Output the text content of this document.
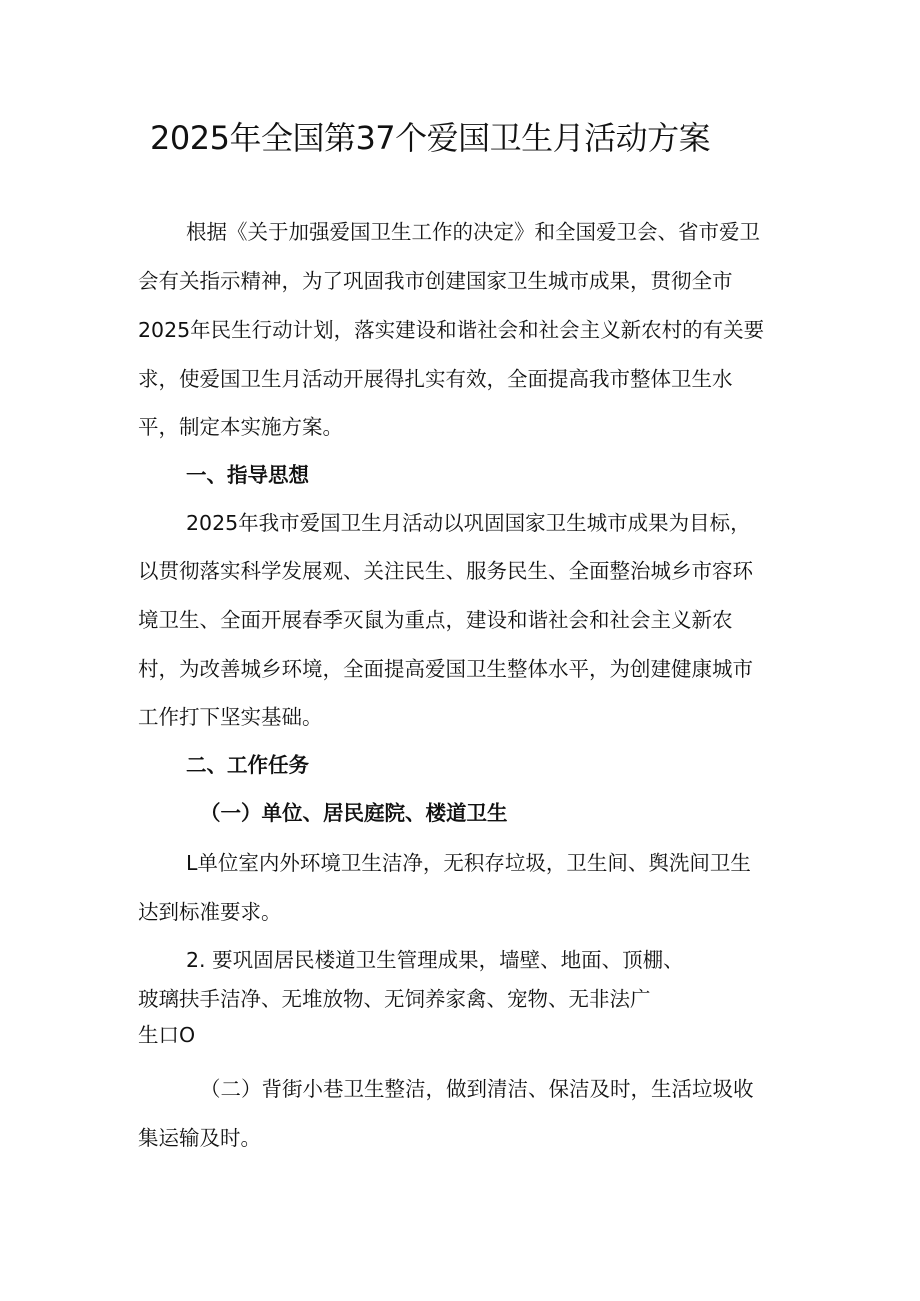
2025年全国第37个爱国卫生月活动方案
根据《关于加强爱国卫生工作的决定》和全国爱卫会、省市爱卫
会有关指示精神，为了巩固我市创建国家卫生城市成果，贯彻全市
2025年民生行动计划，落实建设和谐社会和社会主义新农村的有关要
求，使爱国卫生月活动开展得扎实有效，全面提高我市整体卫生水
平，制定本实施方案。
一、指导思想
2025年我市爱国卫生月活动以巩固国家卫生城市成果为目标，
以贯彻落实科学发展观、关注民生、服务民生、全面整治城乡市容环
境卫生、全面开展春季灭鼠为重点，建设和谐社会和社会主义新农
村，为改善城乡环境，全面提高爱国卫生整体水平，为创建健康城市
工作打下坚实基础。
二、工作任务
（一）单位、居民庭院、楼道卫生
L单位室内外环境卫生洁净，无积存垃圾，卫生间、舆洗间卫生
达到标准要求。
2. 要巩固居民楼道卫生管理成果，墙壁、地面、顶棚、
玻璃扶手洁净、无堆放物、无饲养家禽、宠物、无非法广
生口O
（二）背街小巷卫生整洁，做到清洁、保洁及时，生活垃圾收
集运输及时。
